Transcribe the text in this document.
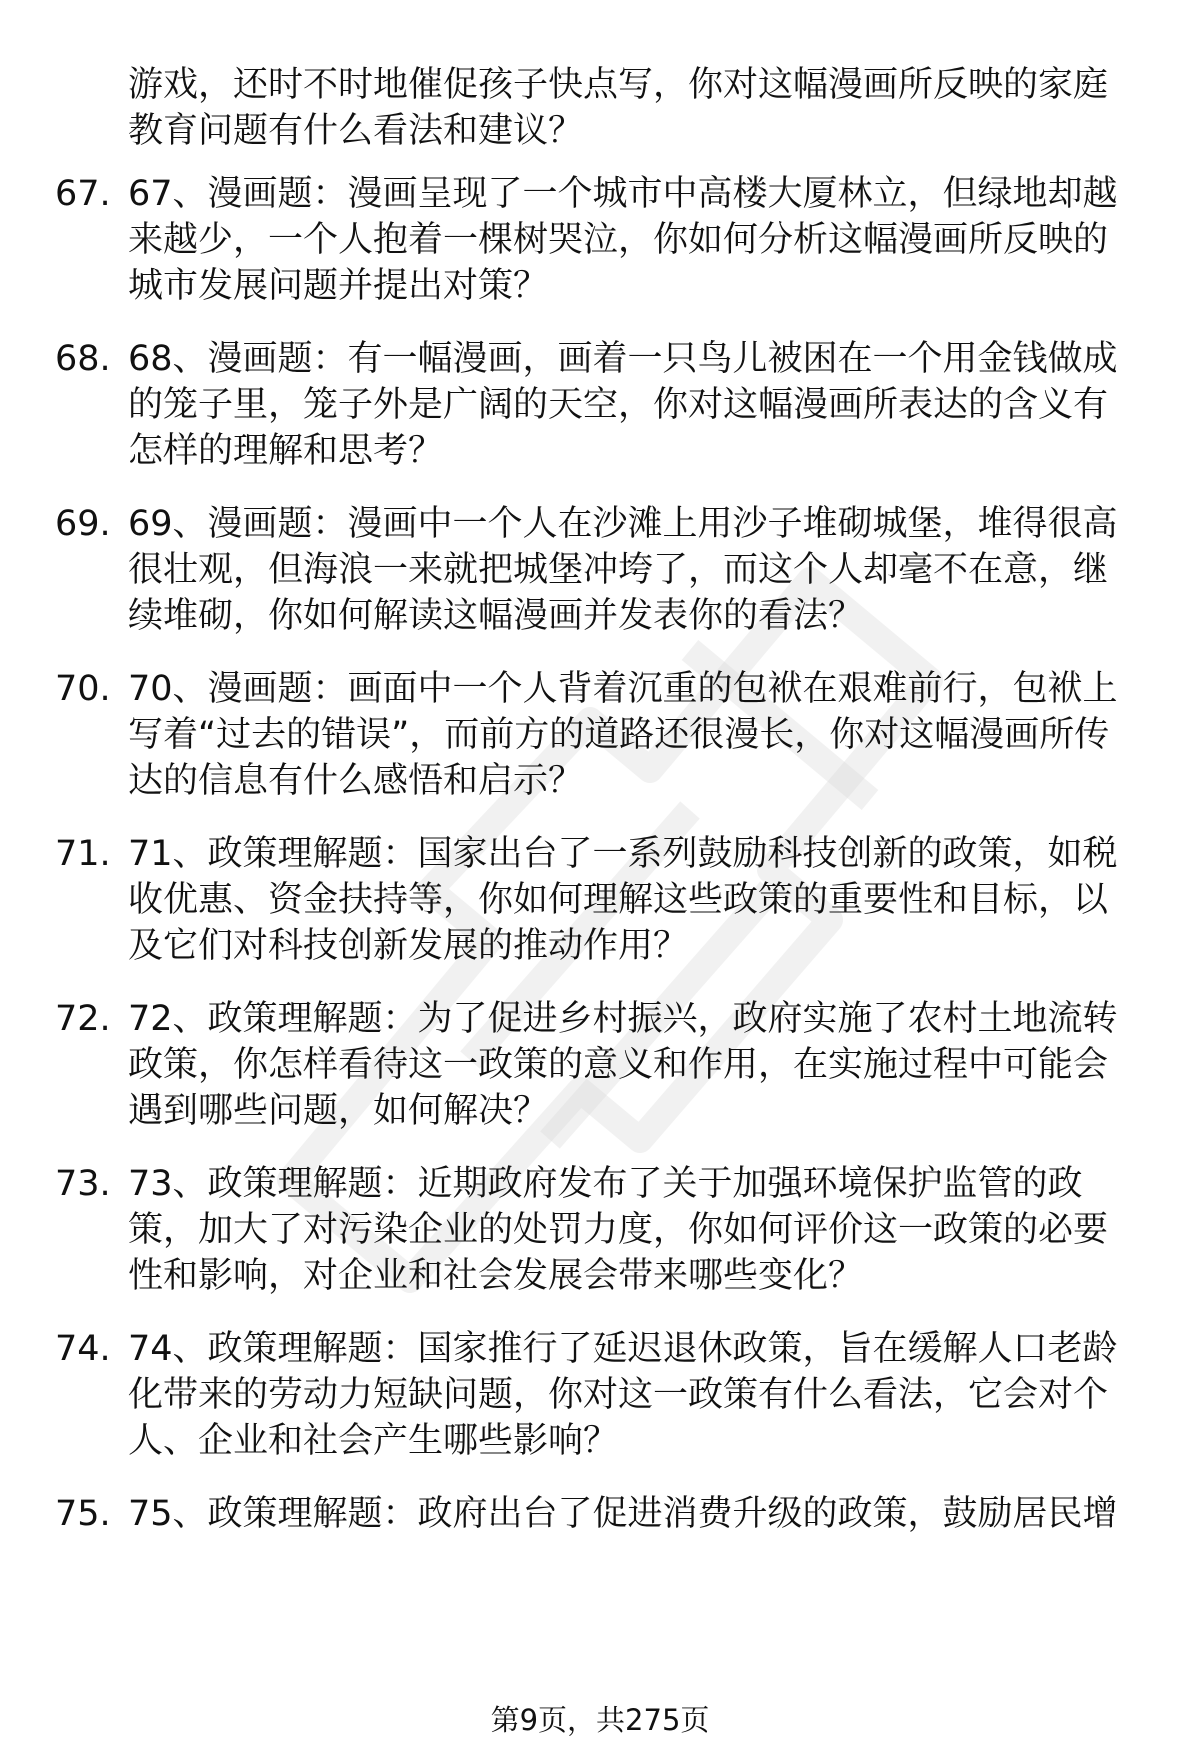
游戏，还时不时地催促孩子快点写，你对这幅漫画所反映的家庭教育问题有什么看法和建议？
67. 67、漫画题：漫画呈现了一个城市中高楼大厦林立，但绿地却越来越少，一个人抱着一棵树哭泣，你如何分析这幅漫画所反映的城市发展问题并提出对策？
68. 68、漫画题：有一幅漫画，画着一只鸟儿被困在一个用金钱做成的笼子里，笼子外是广阔的天空，你对这幅漫画所表达的含义有怎样的理解和思考？
69. 69、漫画题：漫画中一个人在沙滩上用沙子堆砌城堡，堆得很高很壮观，但海浪一来就把城堡冲垮了，而这个人却毫不在意，继续堆砌，你如何解读这幅漫画并发表你的看法？
70. 70、漫画题：画面中一个人背着沉重的包袱在艰难前行，包袱上写着“过去的错误”，而前方的道路还很漫长，你对这幅漫画所传达的信息有什么感悟和启示？
71. 71、政策理解题：国家出台了一系列鼓励科技创新的政策，如税收优惠、资金扶持等，你如何理解这些政策的重要性和目标，以及它们对科技创新发展的推动作用？
72. 72、政策理解题：为了促进乡村振兴，政府实施了农村土地流转政策，你怎样看待这一政策的意义和作用，在实施过程中可能会遇到哪些问题，如何解决？
73. 73、政策理解题：近期政府发布了关于加强环境保护监管的政策，加大了对污染企业的处罚力度，你如何评价这一政策的必要性和影响，对企业和社会发展会带来哪些变化？
74. 74、政策理解题：国家推行了延迟退休政策，旨在缓解人口老龄化带来的劳动力短缺问题，你对这一政策有什么看法，它会对个人、企业和社会产生哪些影响？
75. 75、政策理解题：政府出台了促进消费升级的政策，鼓励居民增
第9页，共275页
